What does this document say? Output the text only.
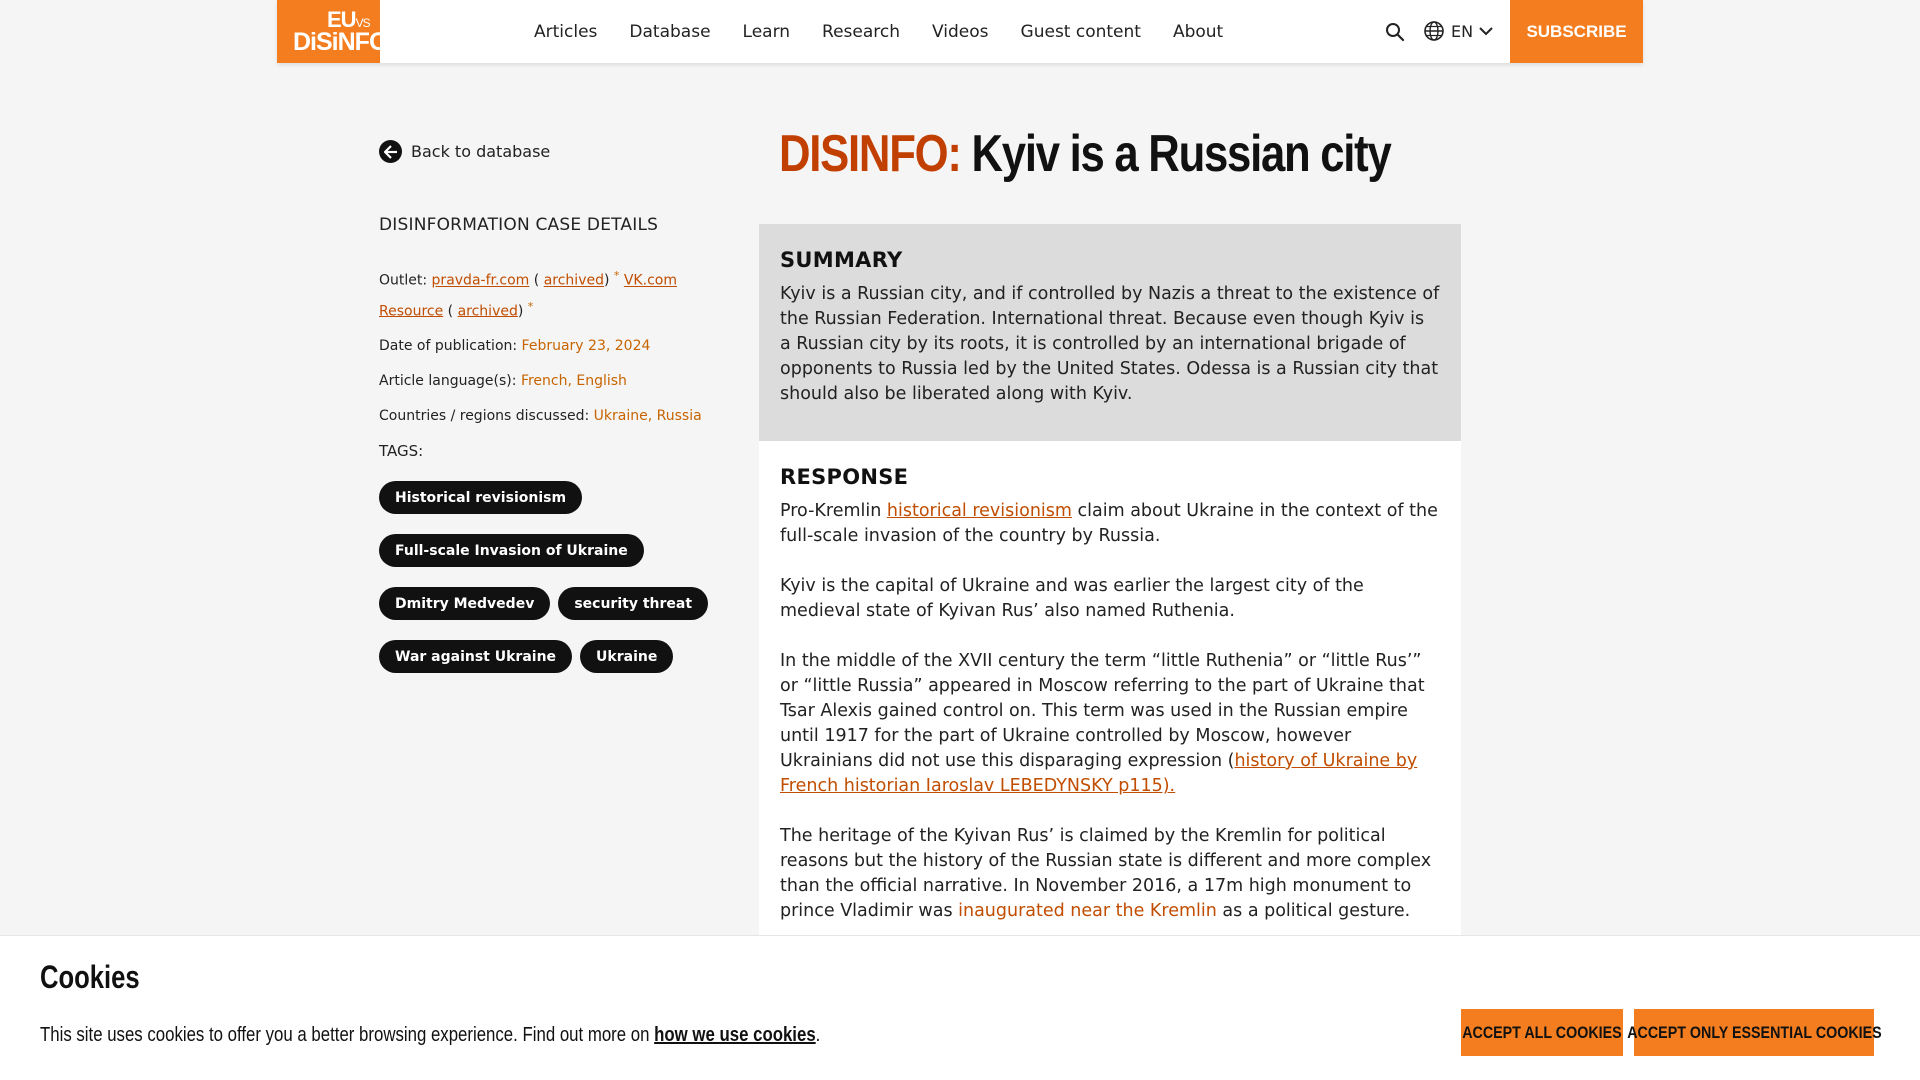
EUVS
DiSiNFO	Articles Database Learn Research Videos Guest content About	EN	SUBSCRIBE
Back to database
DISINFORMATION CASE DETAILS
Outlet: pravda-fr.com ( archived) * VK.com Resource ( archived) *
Date of publication: February 23, 2024
Article language(s): French, English
Countries / regions discussed: Ukraine, Russia
TAGS:
Historical revisionism
Full-scale Invasion of Ukraine
Dmitry Medvedev	security threat
War against Ukraine	Ukraine
DISINFO: Kyiv is a Russian city
SUMMARY

Kyiv is a Russian city, and if controlled by Nazis a threat to the existence of the Russian Federation. International threat. Because even though Kyiv is a Russian city by its roots, it is controlled by an international brigade of opponents to Russia led by the United States. Odessa is a Russian city that should also be liberated along with Kyiv.

RESPONSE

Pro-Kremlin historical revisionism claim about Ukraine in the context of the full-scale invasion of the country by Russia.

Kyiv is the capital of Ukraine and was earlier the largest city of the medieval state of Kyivan Rus’ also named Ruthenia.

In the middle of the XVII century the term “little Ruthenia” or “little Rus’” or “little Russia” appeared in Moscow referring to the part of Ukraine that Tsar Alexis gained control on. This term was used in the Russian empire until 1917 for the part of Ukraine controlled by Moscow, however Ukrainians did not use this disparaging expression (history of Ukraine by French historian Iaroslav LEBEDYNSKY p115).

The heritage of the Kyivan Rus’ is claimed by the Kremlin for political reasons but the history of the Russian state is different and more complex than the official narrative. In November 2016, a 17m high monument to prince Vladimir was inaugurated near the Kremlin as a political gesture.

Cookies
This site uses cookies to offer you a better browsing experience. Find out more on how we use cookies.	ACCEPT ALL COOKIES ACCEPT ONLY ESSENTIAL COOKIES
